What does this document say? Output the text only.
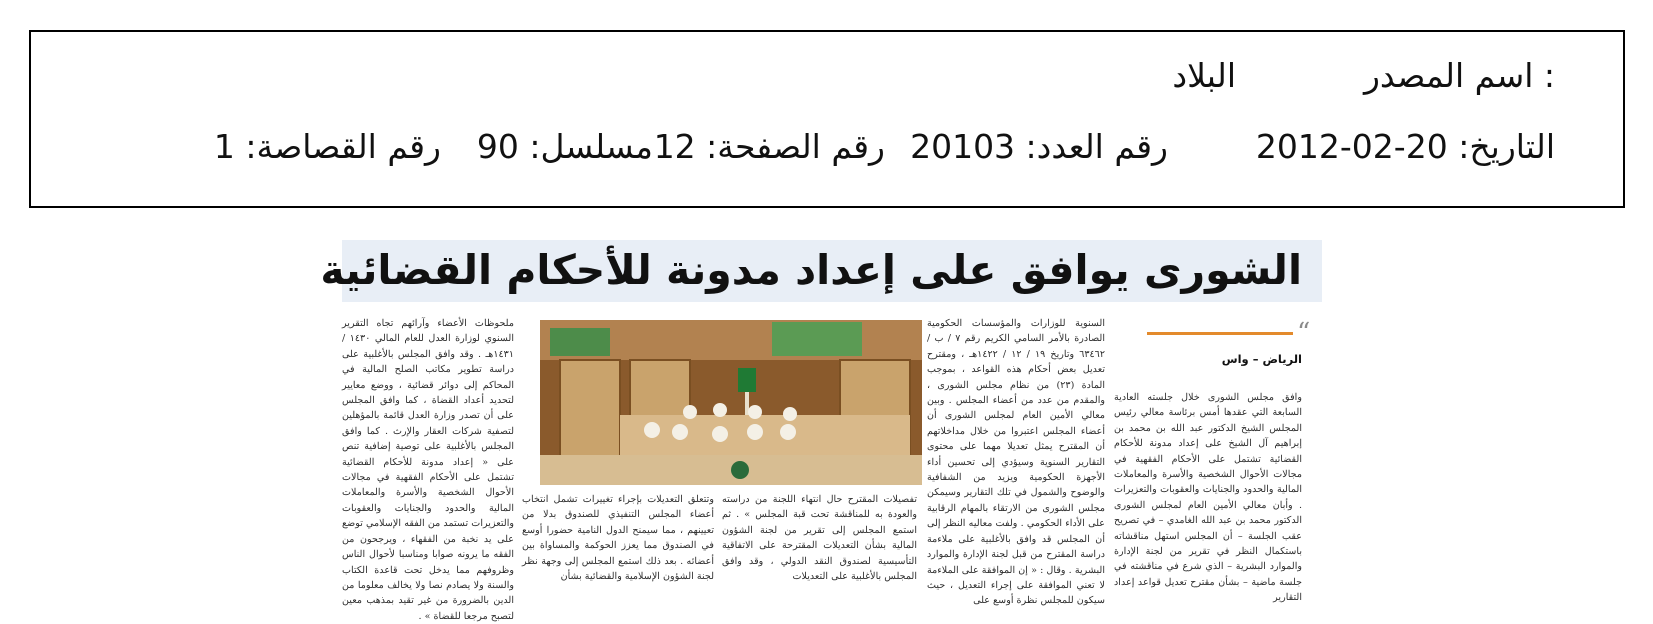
اسم المصدر :
البلاد
التاريخ: 20-02-2012
رقم العدد: 20103
رقم الصفحة: 12
مسلسل: 90
رقم القصاصة: 1
الشورى يوافق على إعداد مدونة للأحكام القضائية
“
الرياض – واس

وافق مجلس الشورى خلال جلسته العادية السابعة التي عقدها أمس برئاسة معالي رئيس المجلس الشيخ الدكتور عبد الله بن محمد بن إبراهيم آل الشيخ على إعداد مدونة للأحكام القضائية تشتمل على الأحكام الفقهية في مجالات الأحوال الشخصية والأسرة والمعاملات المالية والحدود والجنايات والعقوبات والتعزيرات . وأبان معالي الأمين العام لمجلس الشورى الدكتور محمد بن عبد الله الغامدي – في تصريح عقب الجلسة – أن المجلس استهل مناقشاته باستكمال النظر في تقرير من لجنة الإدارة والموارد البشرية – الذي شرع في مناقشته في جلسة ماضية – بشأن مقترح تعديل قواعد إعداد التقارير

السنوية للوزارات والمؤسسات الحكومية الصادرة بالأمر السامي الكريم رقم ٧ / ب / ٦٣٤٦٢ وتاريخ ١٩ / ١٢ / ١٤٢٢هـ ، ومقترح تعديل بعض أحكام هذه القواعد ، بموجب المادة (٢٣) من نظام مجلس الشورى ، والمقدم من عدد من أعضاء المجلس . وبين معالي الأمين العام لمجلس الشورى أن أعضاء المجلس اعتبروا من خلال مداخلاتهم أن المقترح يمثل تعديلا مهما على محتوى التقارير السنوية وسيؤدي إلى تحسين أداء الأجهزة الحكومية ويزيد من الشفافية والوضوح والشمول في تلك التقارير وسيمكن مجلس الشورى من الارتقاء بالمهام الرقابية على الأداء الحكومي . ولفت معاليه النظر إلى أن المجلس قد وافق بالأغلبية على ملاءمة دراسة المقترح من قبل لجنة الإدارة والموارد البشرية . وقال : « إن الموافقة على الملاءمة لا تعني الموافقة على إجراء التعديل ، حيث سيكون للمجلس نظرة أوسع على

تفصيلات المقترح حال انتهاء اللجنة من دراسته والعودة به للمناقشة تحت قبة المجلس » . ثم استمع المجلس إلى تقرير من لجنة الشؤون المالية بشأن التعديلات المقترحة على الاتفاقية التأسيسية لصندوق النقد الدولي ، وقد وافق المجلس بالأغلبية على التعديلات

وتتعلق التعديلات بإجراء تغييرات تشمل انتخاب أعضاء المجلس التنفيذي للصندوق بدلا من تعيينهم ، مما سيمنح الدول النامية حضورا أوسع في الصندوق مما يعزز الحوكمة والمساواة بين أعضائه . بعد ذلك استمع المجلس إلى وجهة نظر لجنة الشؤون الإسلامية والقضائية بشأن

ملحوظات الأعضاء وآرائهم تجاه التقرير السنوي لوزارة العدل للعام المالي ١٤٣٠ / ١٤٣١هـ . وقد وافق المجلس بالأغلبية على دراسة تطوير مكاتب الصلح المالية في المحاكم إلى دوائر قضائية ، ووضع معايير لتحديد أعداد القضاة ، كما وافق المجلس على أن تصدر وزارة العدل قائمة بالمؤهلين لتصفية شركات العقار والإرث . كما وافق المجلس بالأغلبية على توصية إضافية تنص على « إعداد مدونة للأحكام القضائية تشتمل على الأحكام الفقهية في مجالات الأحوال الشخصية والأسرة والمعاملات المالية والحدود والجنايات والعقوبات والتعزيرات تستمد من الفقه الإسلامي توضع على يد نخبة من الفقهاء ، ويرجحون من الفقه ما يرونه صوابا ومناسبا لأحوال الناس وظروفهم مما يدخل تحت قاعدة الكتاب والسنة ولا يصادم نصا ولا يخالف معلوما من الدين بالضرورة من غير تقيد بمذهب معين لتصبح مرجعا للقضاة » .
